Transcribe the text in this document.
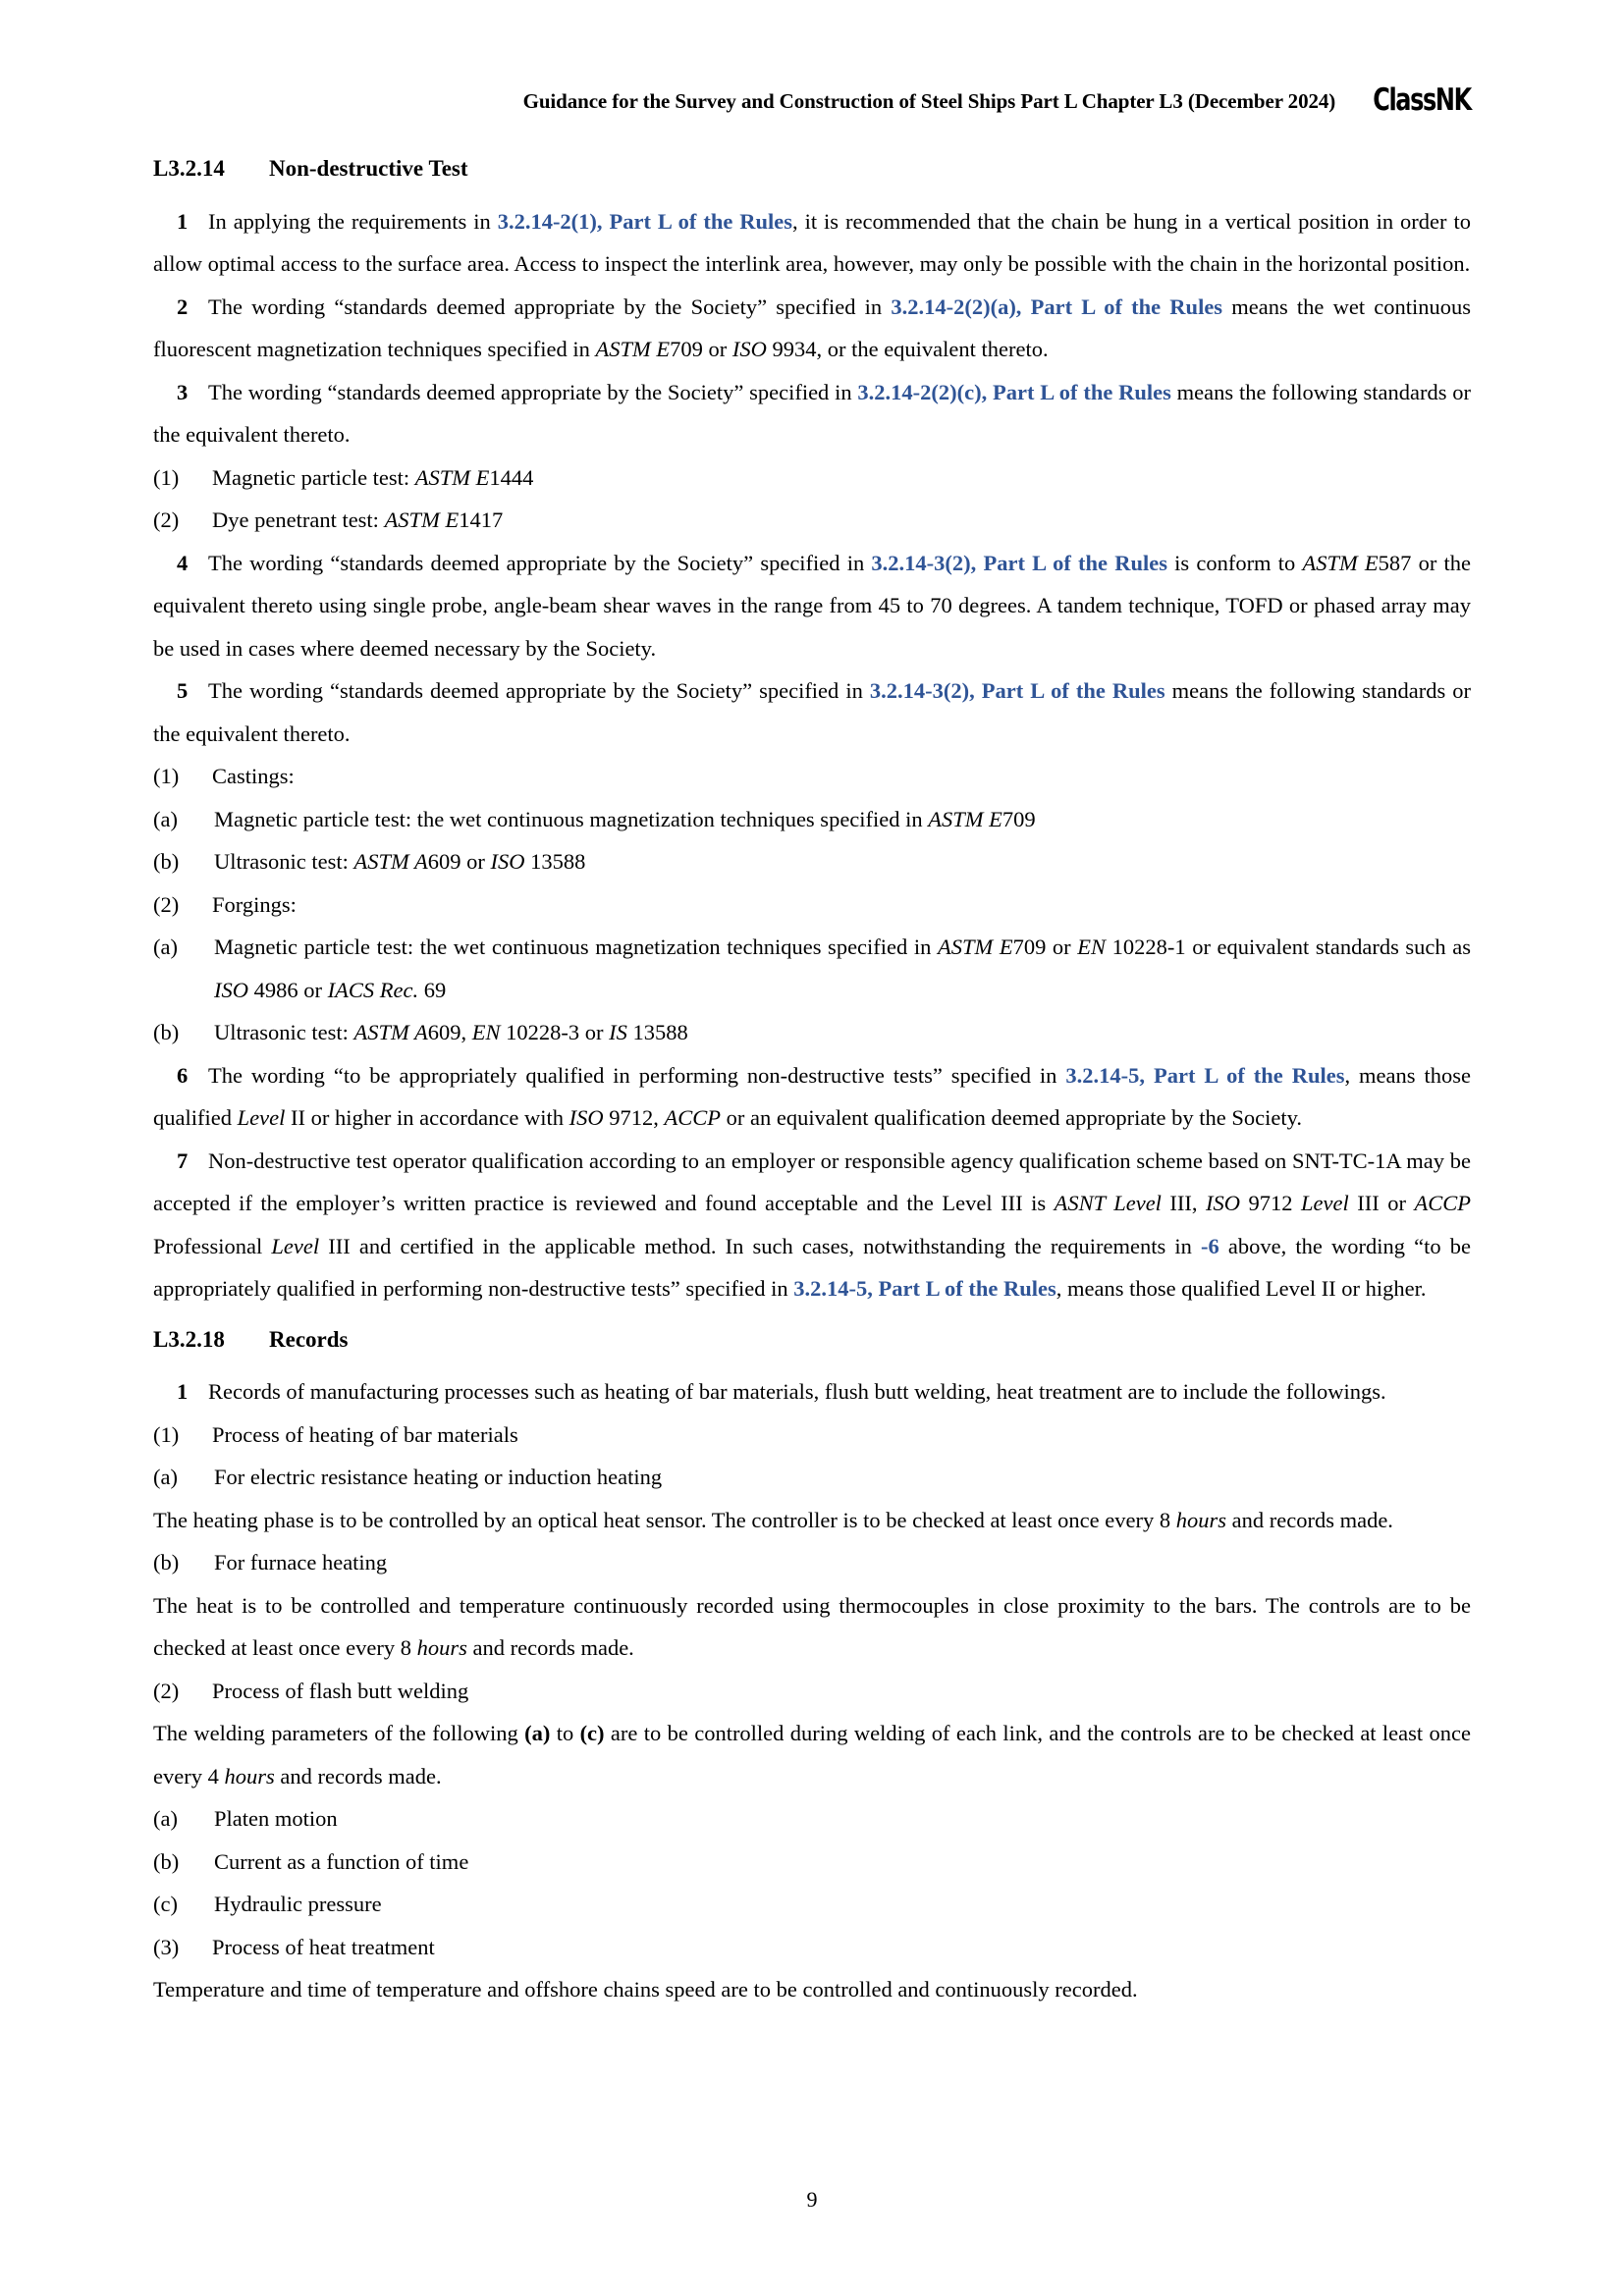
Guidance for the Survey and Construction of Steel Ships Part L Chapter L3 (December 2024) ClassNK
L3.2.14	Non-destructive Test

1 In applying the requirements in 3.2.14-2(1), Part L of the Rules, it is recommended that the chain be hung in a vertical position in order to allow optimal access to the surface area. Access to inspect the interlink area, however, may only be possible with the chain in the horizontal position.

2 The wording “standards deemed appropriate by the Society” specified in 3.2.14-2(2)(a), Part L of the Rules means the wet continuous fluorescent magnetization techniques specified in ASTM E709 or ISO 9934, or the equivalent thereto.

3 The wording “standards deemed appropriate by the Society” specified in 3.2.14-2(2)(c), Part L of the Rules means the following standards or the equivalent thereto.

(1)	Magnetic particle test: ASTM E1444

(2)	Dye penetrant test: ASTM E1417

4 The wording “standards deemed appropriate by the Society” specified in 3.2.14-3(2), Part L of the Rules is conform to ASTM E587 or the equivalent thereto using single probe, angle-beam shear waves in the range from 45 to 70 degrees. A tandem technique, TOFD or phased array may be used in cases where deemed necessary by the Society.

5 The wording “standards deemed appropriate by the Society” specified in 3.2.14-3(2), Part L of the Rules means the following standards or the equivalent thereto.

(1)	Castings:

(a)	Magnetic particle test: the wet continuous magnetization techniques specified in ASTM E709

(b)	Ultrasonic test: ASTM A609 or ISO 13588

(2)	Forgings:

(a)	Magnetic particle test: the wet continuous magnetization techniques specified in ASTM E709 or EN 10228-1 or equivalent standards such as ISO 4986 or IACS Rec. 69

(b)	Ultrasonic test: ASTM A609, EN 10228-3 or IS 13588

6 The wording “to be appropriately qualified in performing non-destructive tests” specified in 3.2.14-5, Part L of the Rules, means those qualified Level II or higher in accordance with ISO 9712, ACCP or an equivalent qualification deemed appropriate by the Society.

7 Non-destructive test operator qualification according to an employer or responsible agency qualification scheme based on SNT-TC-1A may be accepted if the employer’s written practice is reviewed and found acceptable and the Level III is ASNT Level III, ISO 9712 Level III or ACCP Professional Level III and certified in the applicable method. In such cases, notwithstanding the requirements in -6 above, the wording “to be appropriately qualified in performing non-destructive tests” specified in 3.2.14-5, Part L of the Rules, means those qualified Level II or higher.

L3.2.18	Records

1 Records of manufacturing processes such as heating of bar materials, flush butt welding, heat treatment are to include the followings.

(1)	Process of heating of bar materials

(a)	For electric resistance heating or induction heating

The heating phase is to be controlled by an optical heat sensor. The controller is to be checked at least once every 8 hours and records made.

(b)	For furnace heating

The heat is to be controlled and temperature continuously recorded using thermocouples in close proximity to the bars. The controls are to be checked at least once every 8 hours and records made.

(2)	Process of flash butt welding

The welding parameters of the following (a) to (c) are to be controlled during welding of each link, and the controls are to be checked at least once every 4 hours and records made.

(a)	Platen motion

(b)	Current as a function of time

(c)	Hydraulic pressure

(3)	Process of heat treatment

Temperature and time of temperature and offshore chains speed are to be controlled and continuously recorded.

9
